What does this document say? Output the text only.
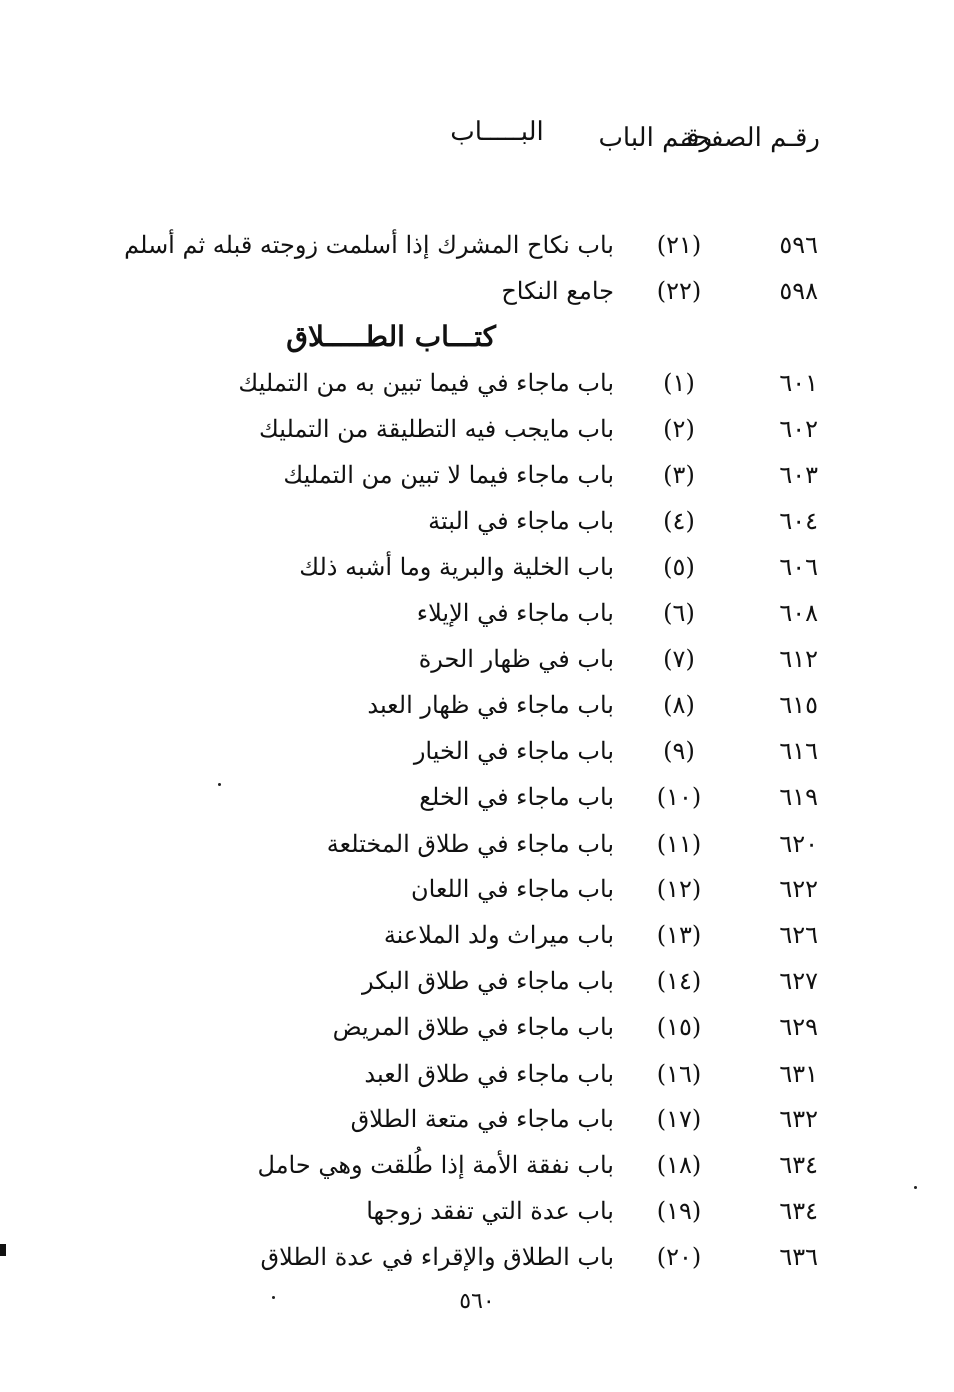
رقـم الصفحة
رقـم الباب
البـــــاب
٥٩٦
(٢١)
باب نكاح المشرك إذا أسلمت زوجته قبله ثم أسلم
٥٩٨
(٢٢)
جامع النكاح
كتـــاب الطـــــلاق
٦٠١
(١)
باب ماجاء في فيما تبين به من التمليك
٦٠٢
(٢)
باب مايجب فيه التطليقة من التمليك
٦٠٣
(٣)
باب ماجاء فيما لا تبين من التمليك
٦٠٤
(٤)
باب ماجاء في البتة
٦٠٦
(٥)
باب الخلية والبرية وما أشبه ذلك
٦٠٨
(٦)
باب ماجاء في الإيلاء
٦١٢
(٧)
باب في ظهار الحرة
٦١٥
(٨)
باب ماجاء في ظهار العبد
٦١٦
(٩)
باب ماجاء في الخيار
٦١٩
(١٠)
باب ماجاء في الخلع
٦٢٠
(١١)
باب ماجاء في طلاق المختلعة
٦٢٢
(١٢)
باب ماجاء في اللعان
٦٢٦
(١٣)
باب ميراث ولد الملاعنة
٦٢٧
(١٤)
باب ماجاء في طلاق البكر
٦٢٩
(١٥)
باب ماجاء في طلاق المريض
٦٣١
(١٦)
باب ماجاء في طلاق العبد
٦٣٢
(١٧)
باب ماجاء في متعة الطلاق
٦٣٤
(١٨)
باب نفقة الأمة إذا طُلقت وهي حامل
٦٣٤
(١٩)
باب عدة التي تفقد زوجها
٦٣٦
(٢٠)
باب الطلاق والإقراء في عدة الطلاق
٥٦٠
